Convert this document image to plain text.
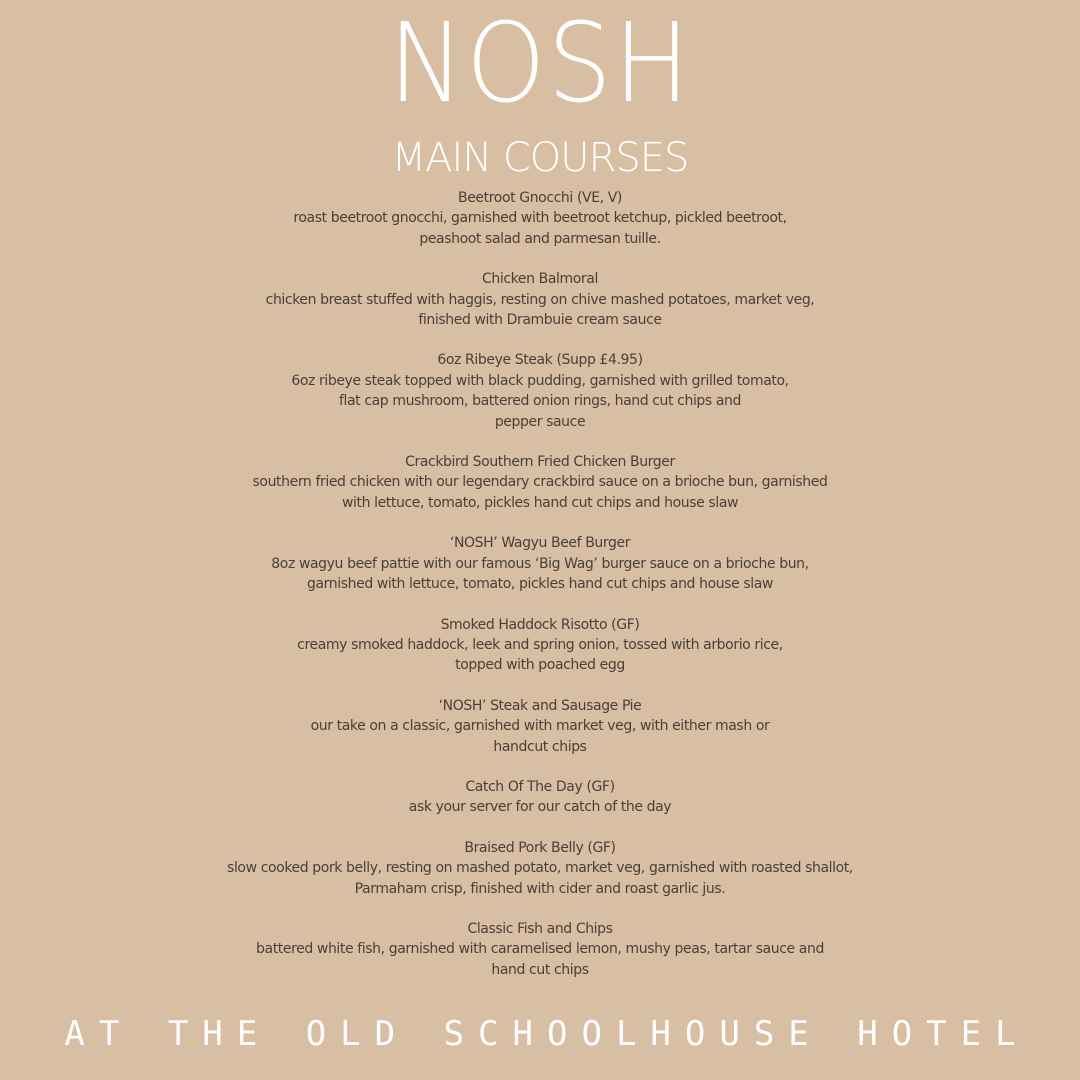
NOSH
MAIN COURSES
Beetroot Gnocchi (VE, V)
roast beetroot gnocchi, garnished with beetroot ketchup, pickled beetroot,
peashoot salad and parmesan tuille.
Chicken Balmoral
chicken breast stuffed with haggis, resting on chive mashed potatoes, market veg,
finished with Drambuie cream sauce
6oz Ribeye Steak (Supp £4.95)
6oz ribeye steak topped with black pudding, garnished with grilled tomato,
flat cap mushroom, battered onion rings, hand cut chips and
pepper sauce
Crackbird Southern Fried Chicken Burger
southern fried chicken with our legendary crackbird sauce on a brioche bun, garnished
with lettuce, tomato, pickles hand cut chips and house slaw
‘NOSH’ Wagyu Beef Burger
8oz wagyu beef pattie with our famous ‘Big Wag’ burger sauce on a brioche bun,
garnished with lettuce, tomato, pickles hand cut chips and house slaw
Smoked Haddock Risotto (GF)
creamy smoked haddock, leek and spring onion, tossed with arborio rice,
topped with poached egg
‘NOSH’ Steak and Sausage Pie
our take on a classic, garnished with market veg, with either mash or
handcut chips
Catch Of The Day (GF)
ask your server for our catch of the day
Braised Pork Belly (GF)
slow cooked pork belly, resting on mashed potato, market veg, garnished with roasted shallot,
Parmaham crisp, finished with cider and roast garlic jus.
Classic Fish and Chips
battered white fish, garnished with caramelised lemon, mushy peas, tartar sauce and
hand cut chips
AT THE OLD SCHOOLHOUSE HOTEL
